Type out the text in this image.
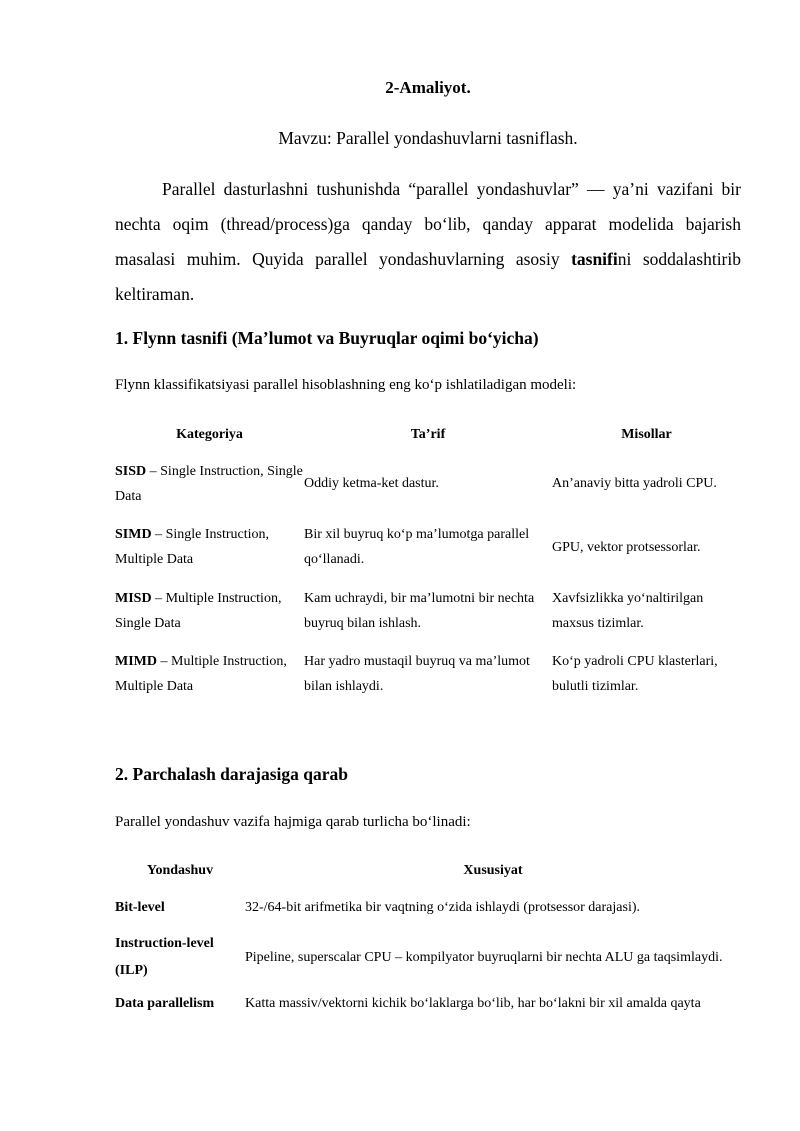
2-Amaliyot.
Mavzu: Parallel yondashuvlarni tasniflash.
Parallel dasturlashni tushunishda “parallel yondashuvlar” — ya’ni vazifani bir nechta oqim (thread/process)ga qanday bo‘lib, qanday apparat modelida bajarish masalasi muhim. Quyida parallel yondashuvlarning asosiy tasnifini soddalashtirib keltiraman.
1. Flynn tasnifi (Ma’lumot va Buyruqlar oqimi bo‘yicha)
Flynn klassifikatsiyasi parallel hisoblashning eng ko‘p ishlatiladigan modeli:
Kategoriya	Ta’rif	Misollar
SISD – Single Instruction, Single Data	Oddiy ketma-ket dastur.	An’anaviy bitta yadroli CPU.
SIMD – Single Instruction, Multiple Data	Bir xil buyruq ko‘p ma’lumotga parallel qo‘llanadi.	GPU, vektor protsessorlar.
MISD – Multiple Instruction, Single Data	Kam uchraydi, bir ma’lumotni bir nechta buyruq bilan ishlash.	Xavfsizlikka yo‘naltirilgan maxsus tizimlar.
MIMD – Multiple Instruction, Multiple Data	Har yadro mustaqil buyruq va ma’lumot bilan ishlaydi.	Ko‘p yadroli CPU klasterlari, bulutli tizimlar.
2. Parchalash darajasiga qarab
Parallel yondashuv vazifa hajmiga qarab turlicha bo‘linadi:
Yondashuv	Xususiyat
Bit-level	32-/64-bit arifmetika bir vaqtning o‘zida ishlaydi (protsessor darajasi).
Instruction-level (ILP)	Pipeline, superscalar CPU – kompilyator buyruqlarni bir nechta ALU ga taqsimlaydi.
Data parallelism	Katta massiv/vektorni kichik bo‘laklarga bo‘lib, har bo‘lakni bir xil amalda qayta
